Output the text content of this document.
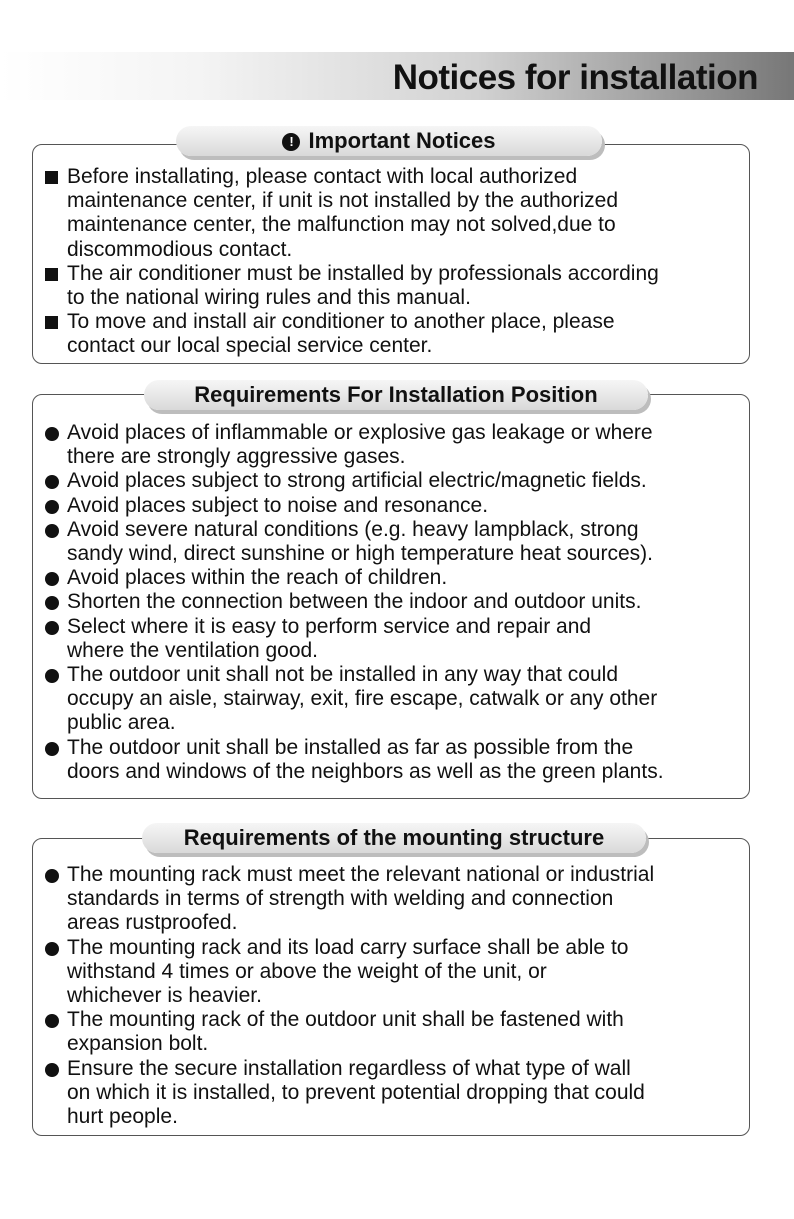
Notices for installation
Before installating, please contact with local authorized
maintenance center, if unit is not installed by the authorized
maintenance center, the malfunction may not solved,due to
discommodious contact.
The air conditioner must be installed by professionals according
to the national wiring rules and this manual.
To move and install air conditioner to another place, please
contact our local special service center.
! Important Notices
Avoid places of inflammable or explosive gas leakage or where
there are strongly aggressive gases.
Avoid places subject to strong artificial electric/magnetic fields.
Avoid places subject to noise and resonance.
Avoid severe natural conditions (e.g. heavy lampblack, strong
sandy wind, direct sunshine or high temperature heat sources).
Avoid places within the reach of children.
Shorten the connection between the indoor and outdoor units.
Select where it is easy to perform service and repair and
where the ventilation good.
The outdoor unit shall not be installed in any way that could
occupy an aisle, stairway, exit, fire escape, catwalk or any other
public area.
The outdoor unit shall be installed as far as possible from the
doors and windows of the neighbors as well as the green plants.
Requirements For Installation Position
The mounting rack must meet the relevant national or industrial
standards in terms of strength with welding and connection
areas rustproofed.
The mounting rack and its load carry surface shall be able to
withstand 4 times or above the weight of the unit, or
whichever is heavier.
The mounting rack of the outdoor unit shall be fastened with
expansion bolt.
Ensure the secure installation regardless of what type of wall
on which it is installed, to prevent potential dropping that could
hurt people.
Requirements of the mounting structure
